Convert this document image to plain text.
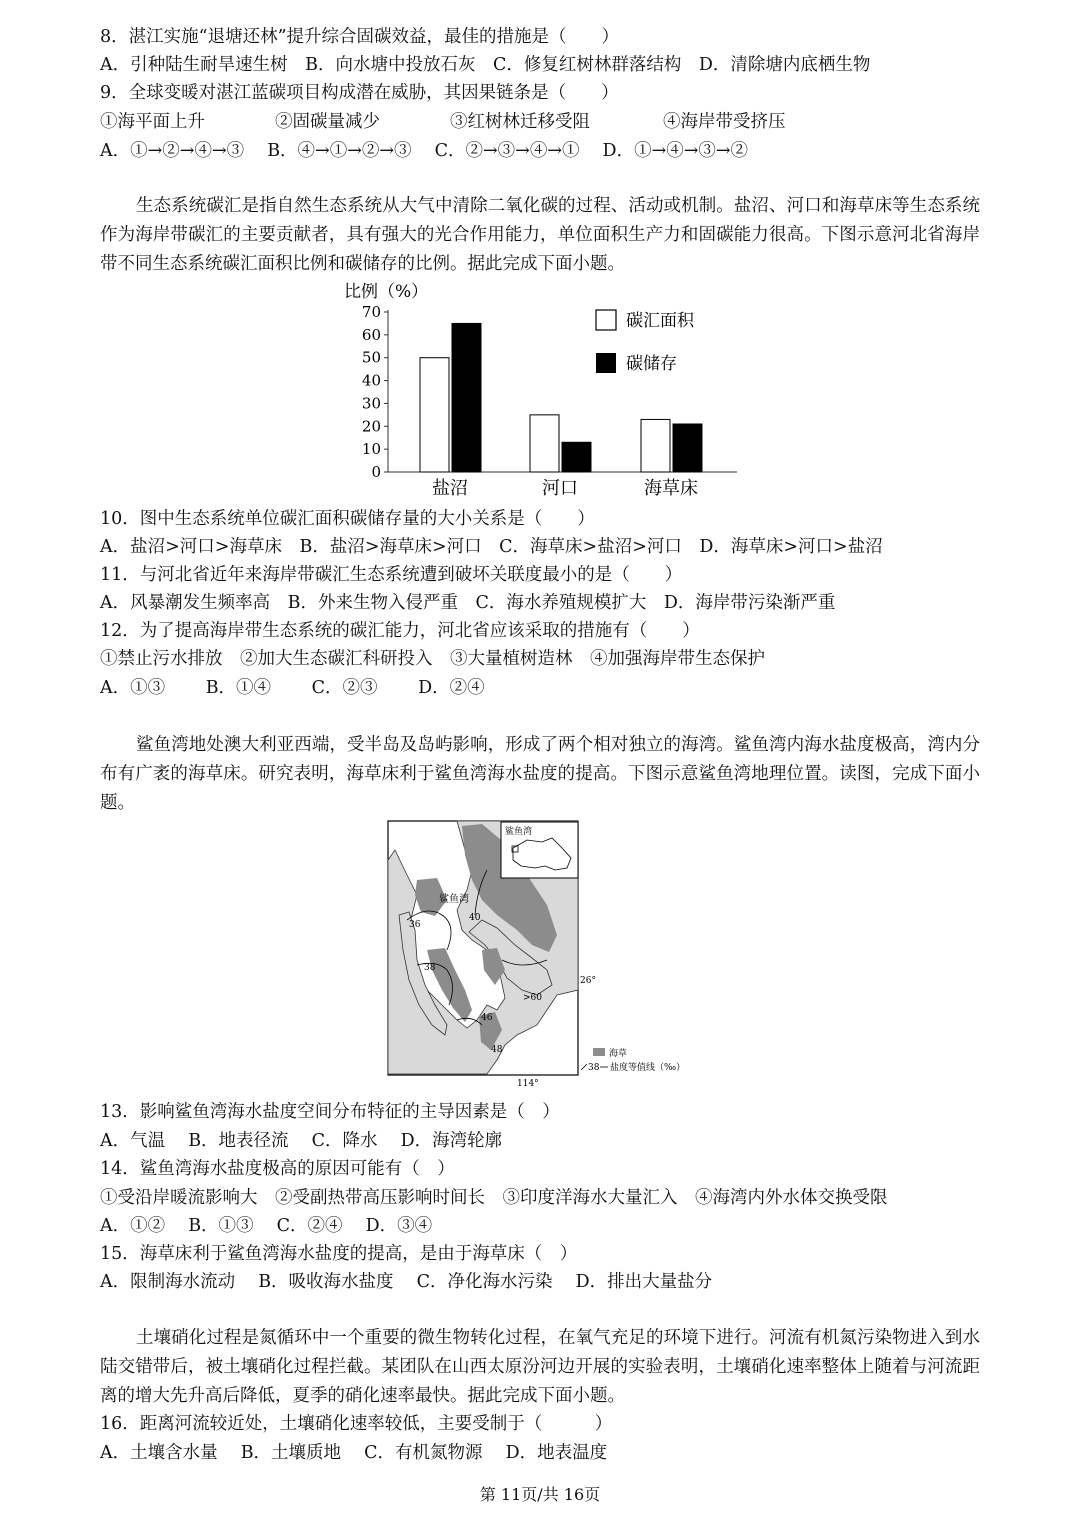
8．湛江实施“退塘还林”提升综合固碳效益，最佳的措施是（　　）
A．引种陆生耐旱速生树　B．向水塘中投放石灰　C．修复红树林群落结构　D．清除塘内底栖生物
9．全球变暖对湛江蓝碳项目构成潜在威胁，其因果链条是（　　）
①海平面上升	②固碳量减少	③红树林迁移受阻	④海岸带受挤压
A．①→②→④→③　 B．④→①→②→③　 C．②→③→④→①　 D．①→④→③→②
生态系统碳汇是指自然生态系统从大气中清除二氧化碳的过程、活动或机制。盐沼、河口和海草床等生态系统作为海岸带碳汇的主要贡献者，具有强大的光合作用能力，单位面积生产力和固碳能力很高。下图示意河北省海岸带不同生态系统碳汇面积比例和碳储存的比例。据此完成下面小题。
比例（%）
0
10
20
30
40
50
60
70
盐沼	河口	海草床
碳汇面积
碳储存
10．图中生态系统单位碳汇面积碳储存量的大小关系是（　　）
A．盐沼>河口>海草床　B．盐沼>海草床>河口　C．海草床>盐沼>河口　D．海草床>河口>盐沼
11．与河北省近年来海岸带碳汇生态系统遭到破坏关联度最小的是（　　）
A．风暴潮发生频率高　B．外来生物入侵严重　C．海水养殖规模扩大　D．海岸带污染渐严重
12．为了提高海岸带生态系统的碳汇能力，河北省应该采取的措施有（　　）
①禁止污水排放　②加大生态碳汇科研投入　③大量植树造林　④加强海岸带生态保护
A．①③　　 B．①④　　 C．②③　　 D．②④
鲨鱼湾地处澳大利亚西端，受半岛及岛屿影响，形成了两个相对独立的海湾。鲨鱼湾内海水盐度极高，湾内分布有广袤的海草床。研究表明，海草床利于鲨鱼湾海水盐度的提高。下图示意鲨鱼湾地理位置。读图，完成下面小题。
36
38
40
46
48
>60
鲨鱼湾
鲨鱼湾
26°
114°
海草
38 盐度等值线（‰）
13．影响鲨鱼湾海水盐度空间分布特征的主导因素是（　）
A．气温　 B．地表径流　 C．降水　 D．海湾轮廓
14．鲨鱼湾海水盐度极高的原因可能有（　）
①受沿岸暖流影响大　②受副热带高压影响时间长　③印度洋海水大量汇入　④海湾内外水体交换受限
A．①②　 B．①③　 C．②④　 D．③④
15．海草床利于鲨鱼湾海水盐度的提高，是由于海草床（　）
A．限制海水流动　 B．吸收海水盐度　 C．净化海水污染　 D．排出大量盐分
土壤硝化过程是氮循环中一个重要的微生物转化过程，在氧气充足的环境下进行。河流有机氮污染物进入到水陆交错带后，被土壤硝化过程拦截。某团队在山西太原汾河边开展的实验表明，土壤硝化速率整体上随着与河流距离的增大先升高后降低，夏季的硝化速率最快。据此完成下面小题。
16．距离河流较近处，土壤硝化速率较低，主要受制于（　　　）
A．土壤含水量　 B．土壤质地　 C．有机氮物源　 D．地表温度
第 11页/共 16页
